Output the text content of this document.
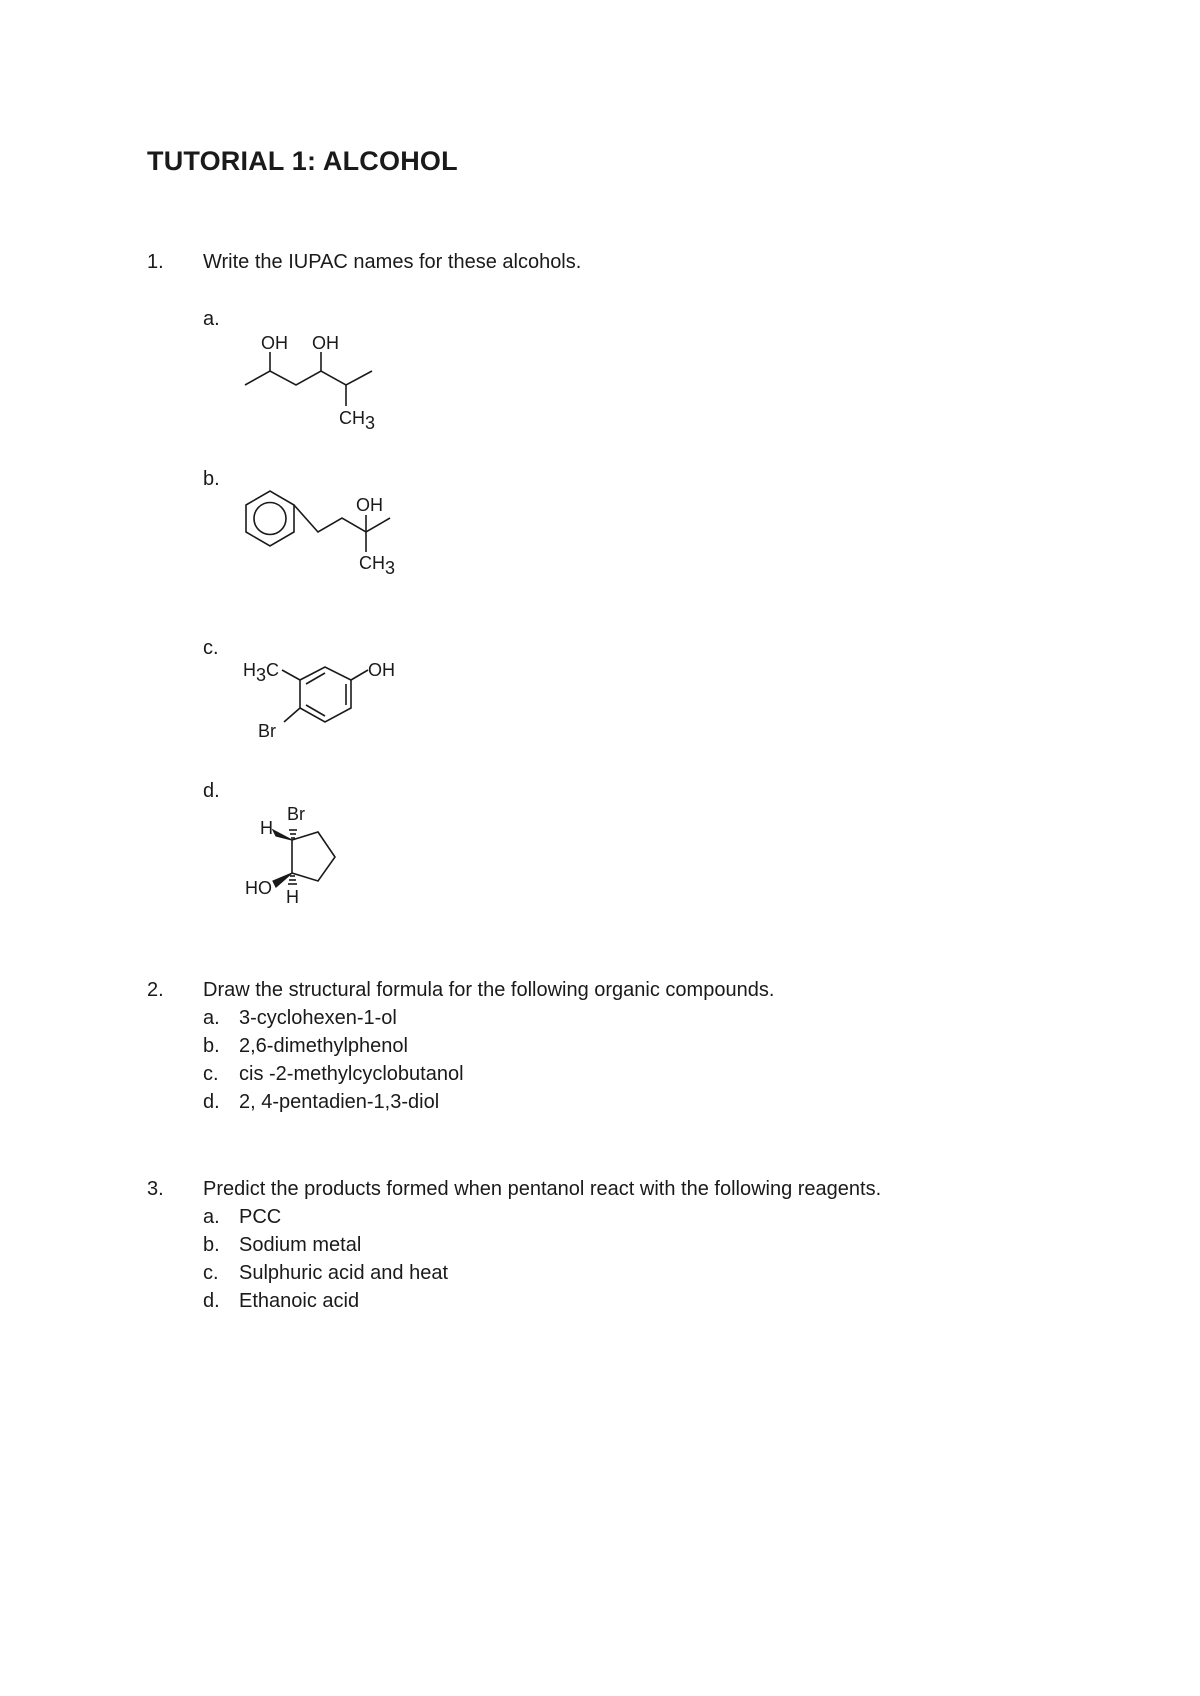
TUTORIAL 1: ALCOHOL
1. Write the IUPAC names for these alcohols.
a.
OH OH
CH3
b.
OH
CH3
c.
H3C	OH
Br
d.
Br
H
HO H
2. Draw the structural formula for the following organic compounds.
a. 3-cyclohexen-1-ol
b. 2,6-dimethylphenol
c. cis -2-methylcyclobutanol
d. 2, 4-pentadien-1,3-diol
3. Predict the products formed when pentanol react with the following reagents.
a. PCC
b. Sodium metal
c. Sulphuric acid and heat
d. Ethanoic acid
